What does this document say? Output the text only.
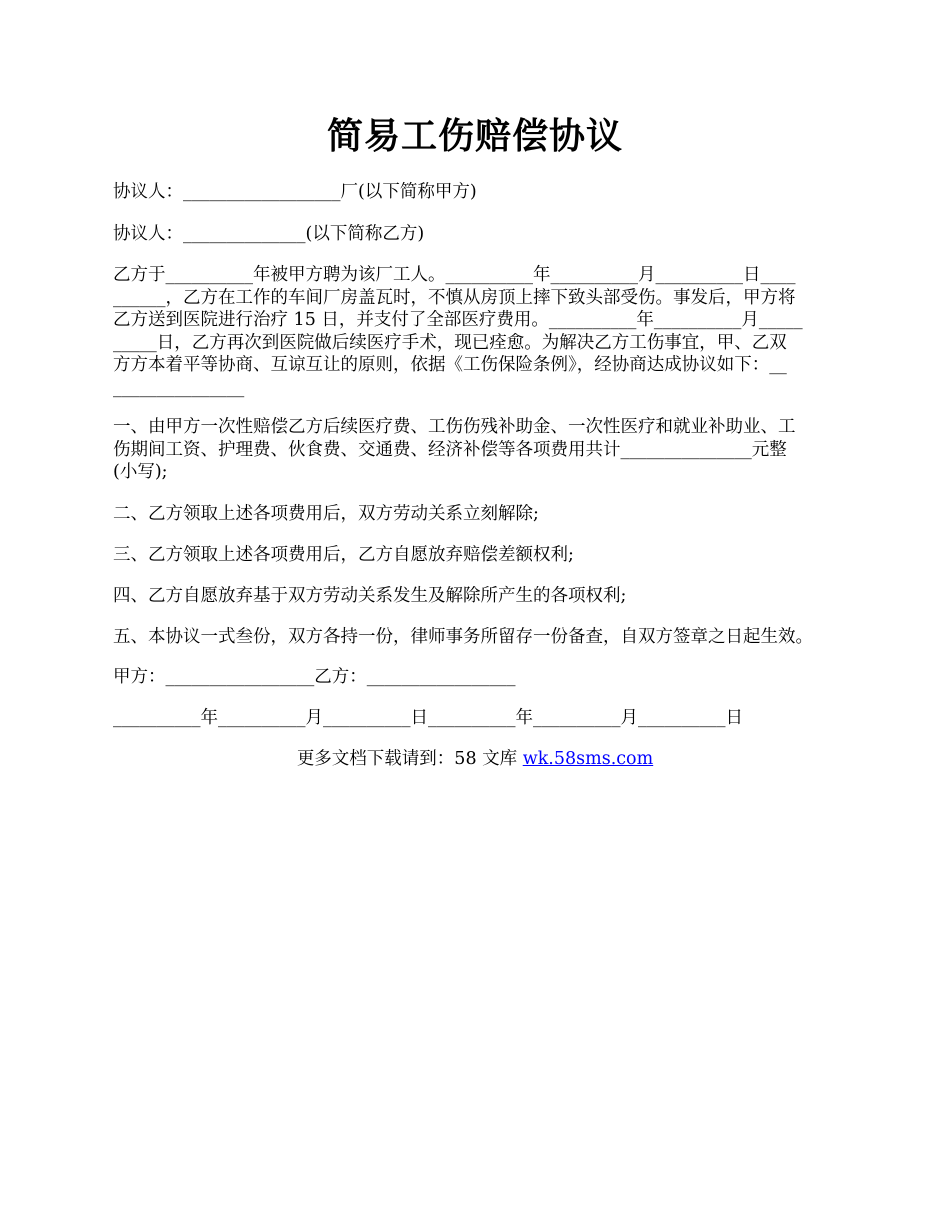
简易工伤赔偿协议

协议人：__________________厂(以下简称甲方)

协议人：______________(以下简称乙方)

乙方于__________年被甲方聘为该厂工人。__________年__________月__________日____
______，乙方在工作的车间厂房盖瓦时，不慎从房顶上摔下致头部受伤。事发后，甲方将
乙方送到医院进行治疗 15 日，并支付了全部医疗费用。__________年__________月_____
_____日，乙方再次到医院做后续医疗手术，现已痊愈。为解决乙方工伤事宜，甲、乙双
方方本着平等协商、互谅互让的原则，依据《工伤保险条例》，经协商达成协议如下：__
_______________
一、由甲方一次性赔偿乙方后续医疗费、工伤伤残补助金、一次性医疗和就业补助业、工
伤期间工资、护理费、伙食费、交通费、经济补偿等各项费用共计_______________元整
(小写);

二、乙方领取上述各项费用后，双方劳动关系立刻解除;

三、乙方领取上述各项费用后，乙方自愿放弃赔偿差额权利;

四、乙方自愿放弃基于双方劳动关系发生及解除所产生的各项权利;

五、本协议一式叁份，双方各持一份，律师事务所留存一份备查，自双方签章之日起生效。

甲方：_________________乙方：_________________

__________年__________月__________日__________年__________月__________日

更多文档下载请到：58 文库 wk.58sms.com
